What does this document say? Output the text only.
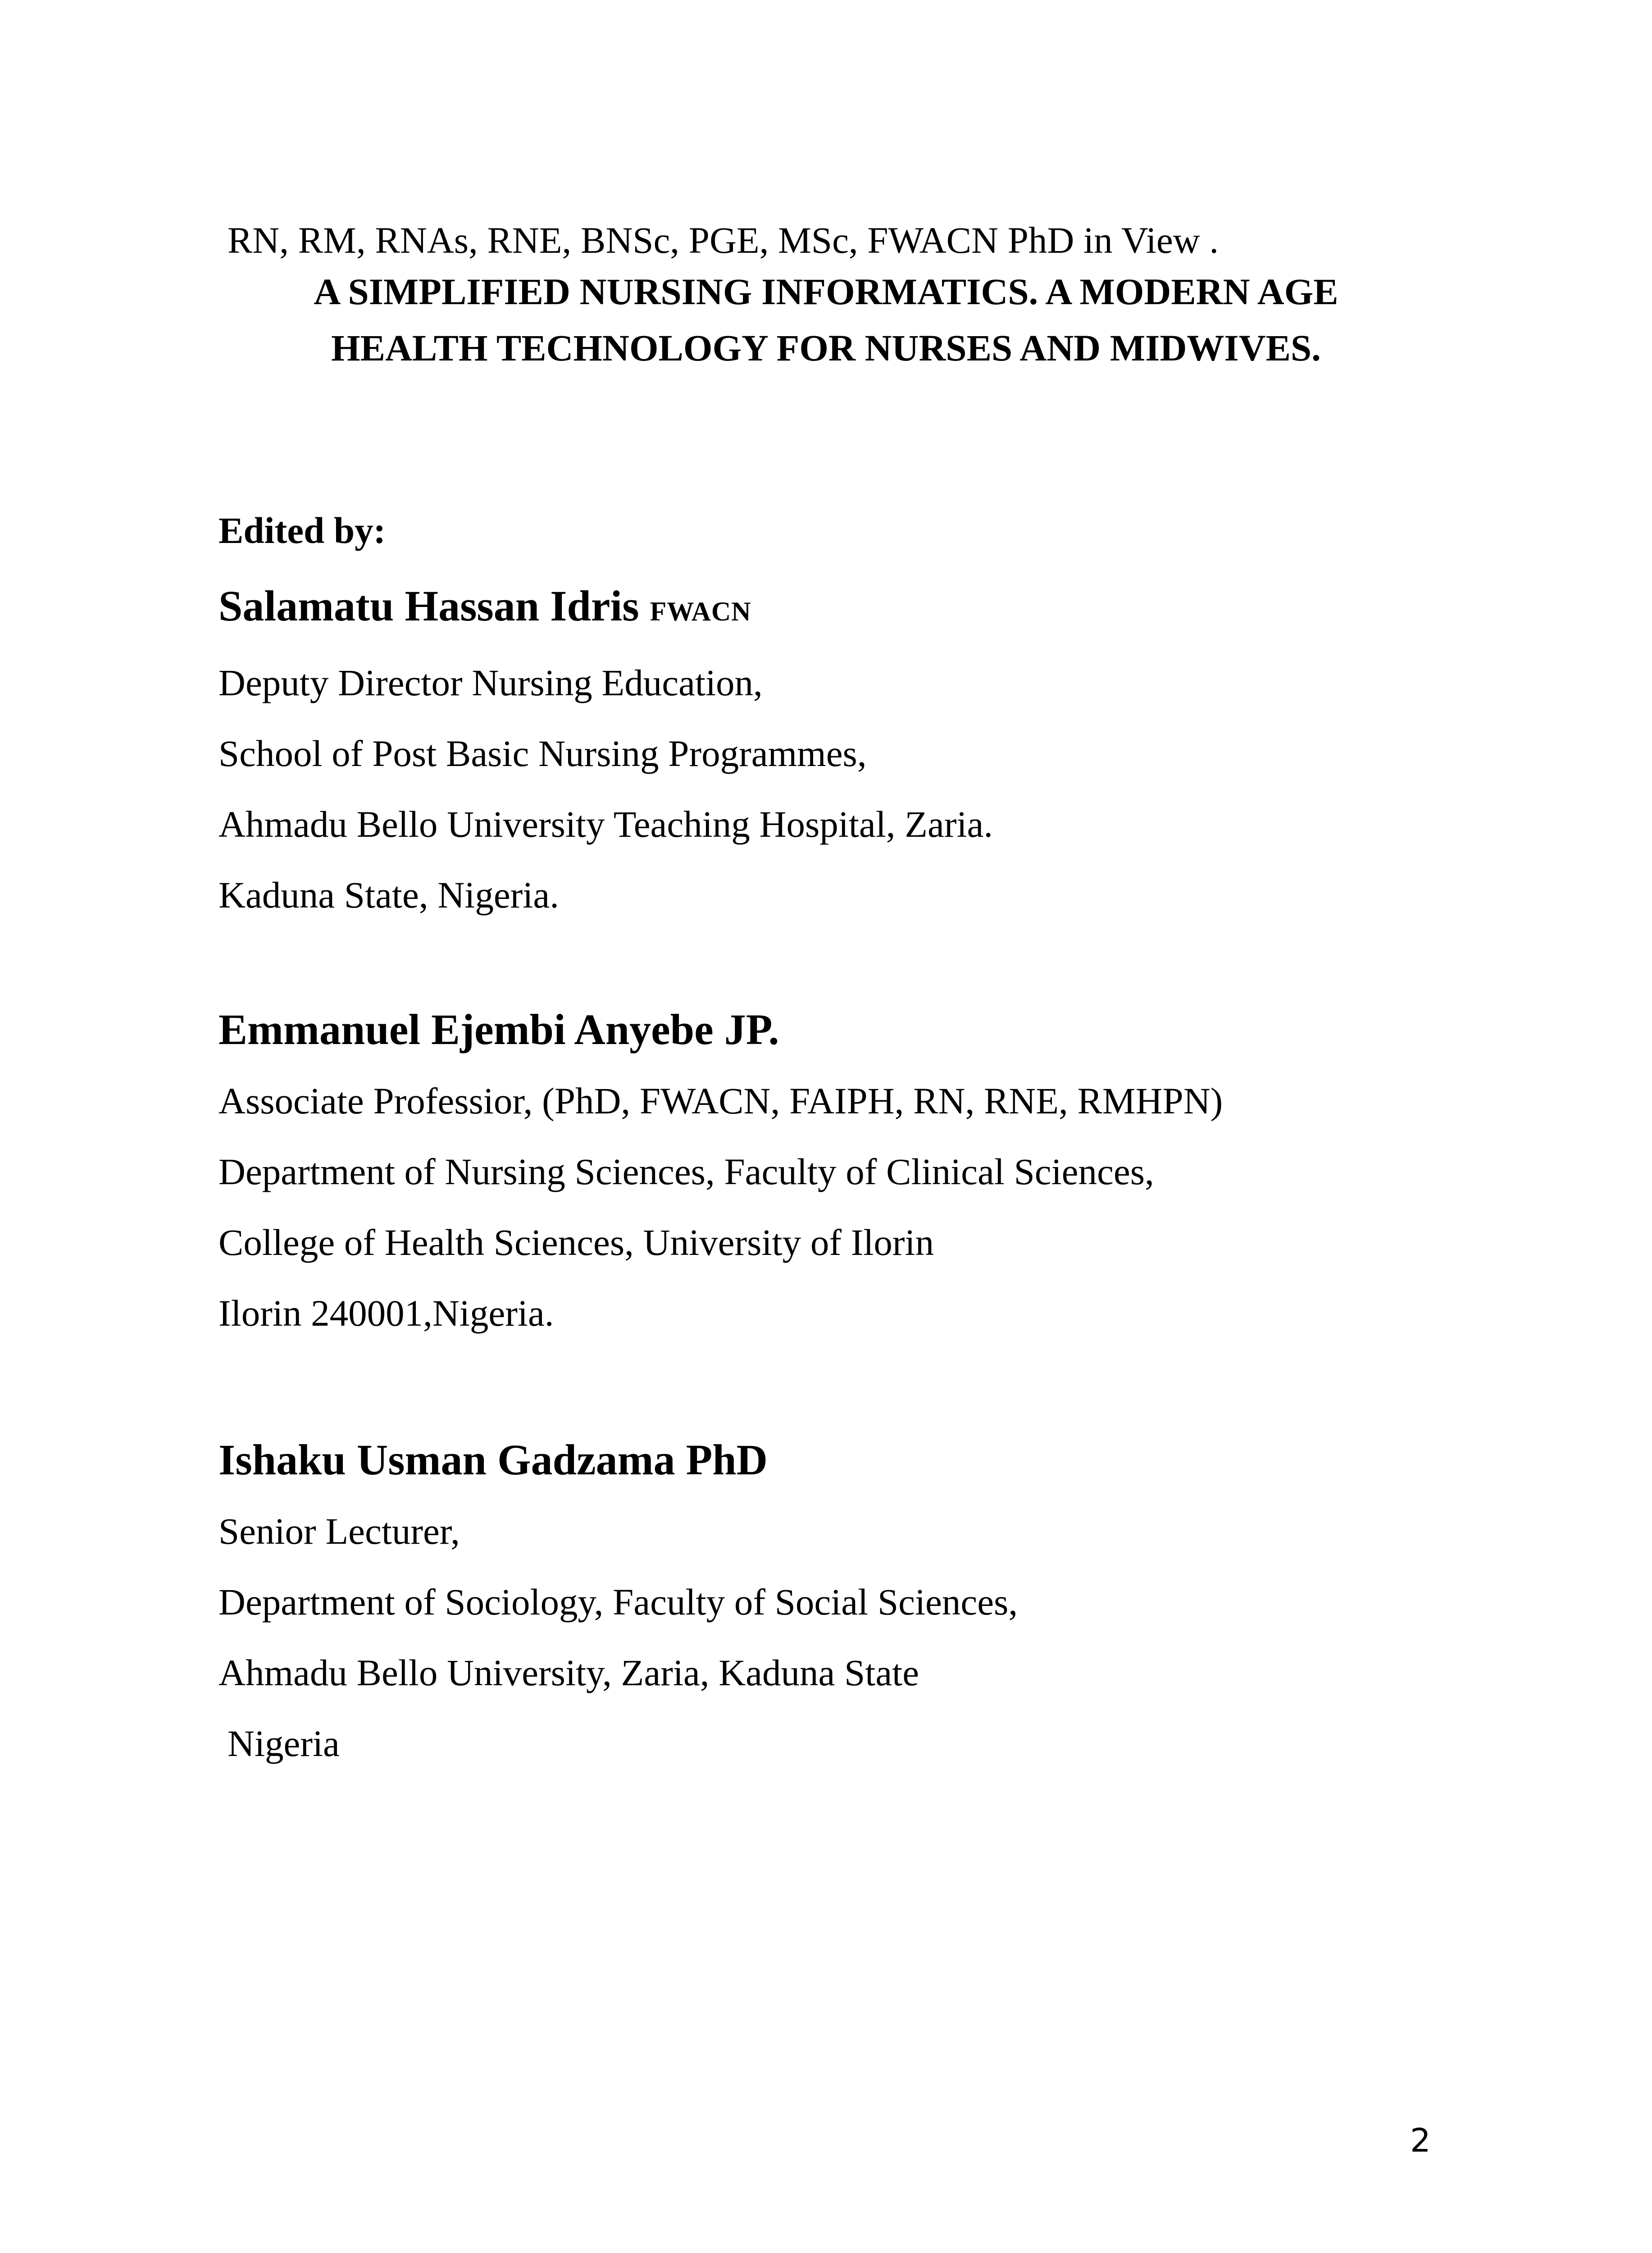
RN, RM, RNAs, RNE, BNSc, PGE, MSc, FWACN PhD in View .
A SIMPLIFIED NURSING INFORMATICS. A MODERN AGE
HEALTH TECHNOLOGY FOR NURSES AND MIDWIVES.

Edited by:

Salamatu Hassan Idris FWACN

Deputy Director Nursing Education,

School of Post Basic Nursing Programmes,

Ahmadu Bello University Teaching Hospital, Zaria.

Kaduna State, Nigeria.

Emmanuel Ejembi Anyebe JP.

Associate Professior, (PhD, FWACN, FAIPH, RN, RNE, RMHPN)

Department of Nursing Sciences, Faculty of Clinical Sciences,

College of Health Sciences, University of Ilorin

Ilorin 240001,Nigeria.

Ishaku Usman Gadzama PhD

Senior Lecturer,

Department of Sociology, Faculty of Social Sciences,

Ahmadu Bello University, Zaria, Kaduna State

Nigeria

2
